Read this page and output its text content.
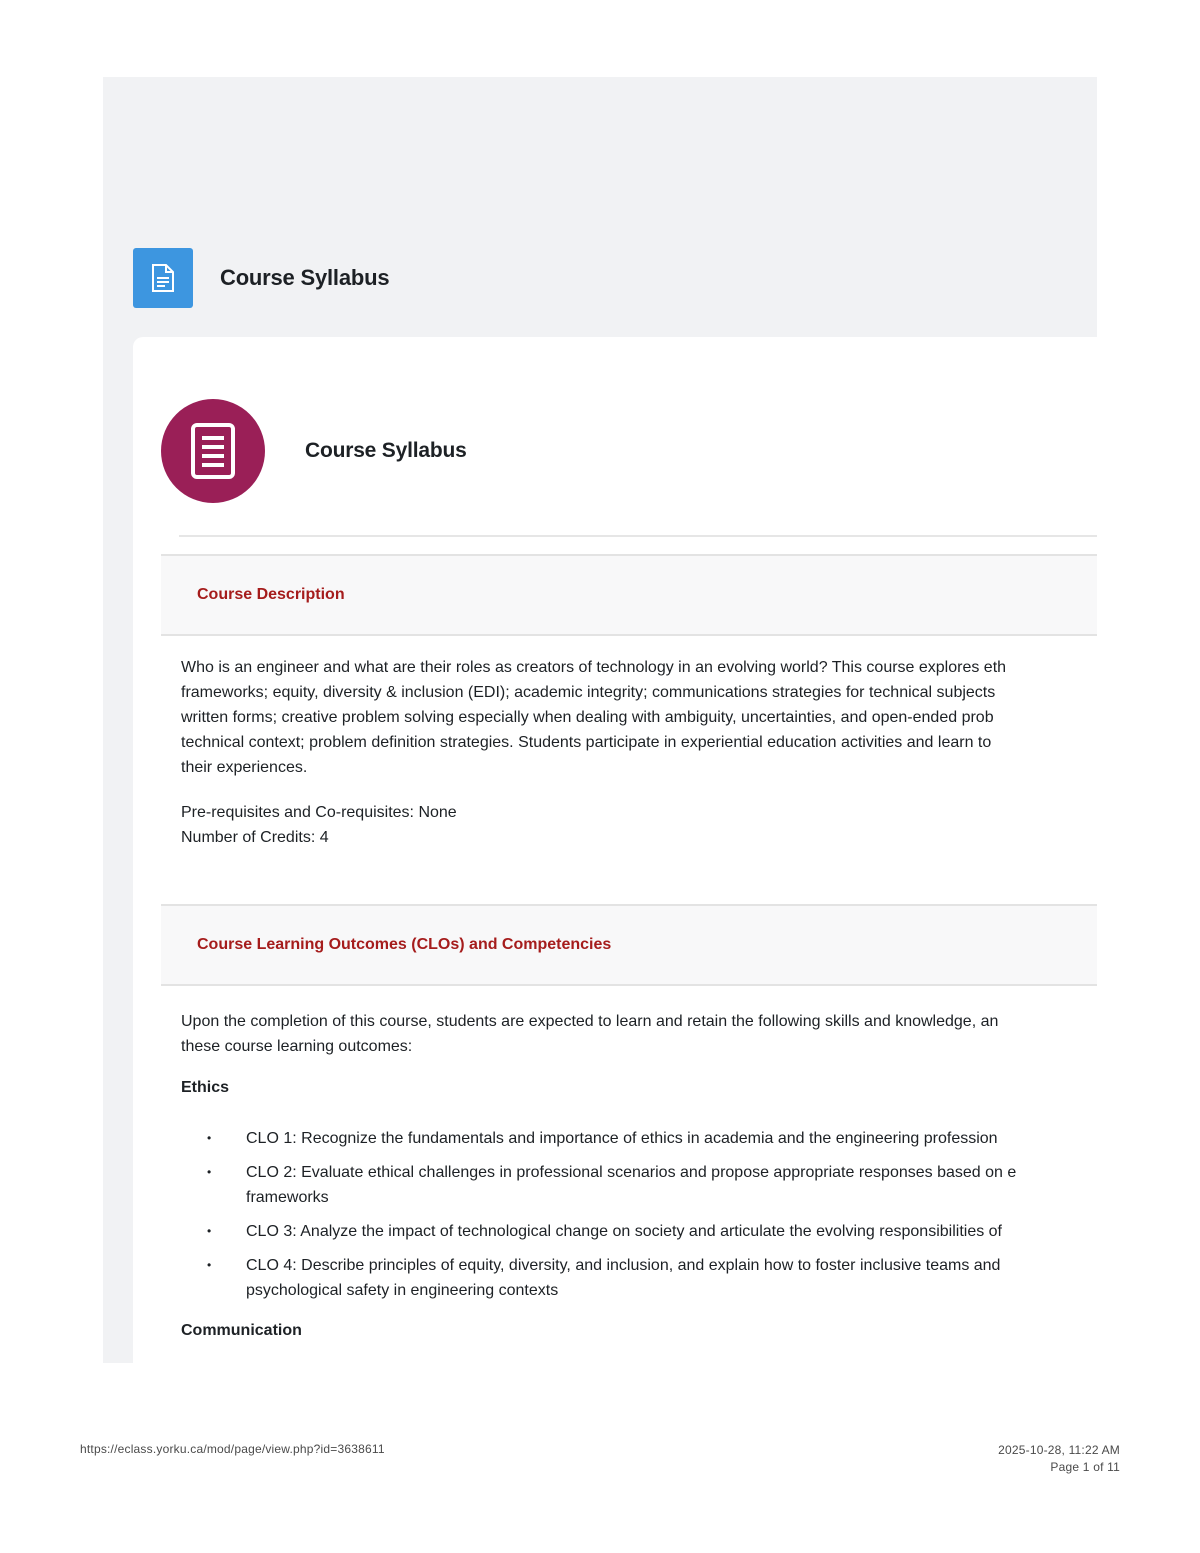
Course Syllabus
Course Syllabus
Course Description

Who is an engineer and what are their roles as creators of technology in an evolving world? This course explores eth

frameworks; equity, diversity & inclusion (EDI); academic integrity; communications strategies for technical subjects

written forms; creative problem solving especially when dealing with ambiguity, uncertainties, and open-ended prob

technical context; problem definition strategies. Students participate in experiential education activities and learn to

their experiences.

Pre-requisites and Co-requisites: None

Number of Credits: 4

Course Learning Outcomes (CLOs) and Competencies

Upon the completion of this course, students are expected to learn and retain the following skills and knowledge, an

these course learning outcomes:

Ethics
• CLO 1: Recognize the fundamentals and importance of ethics in academia and the engineering profession
• CLO 2: Evaluate ethical challenges in professional scenarios and propose appropriate responses based on e
frameworks
• CLO 3: Analyze the impact of technological change on society and articulate the evolving responsibilities of
• CLO 4: Describe principles of equity, diversity, and inclusion, and explain how to foster inclusive teams and
psychological safety in engineering contexts
Communication
https://eclass.yorku.ca/mod/page/view.php?id=3638611	2025-10-28, 11:22 AM
Page 1 of 11
